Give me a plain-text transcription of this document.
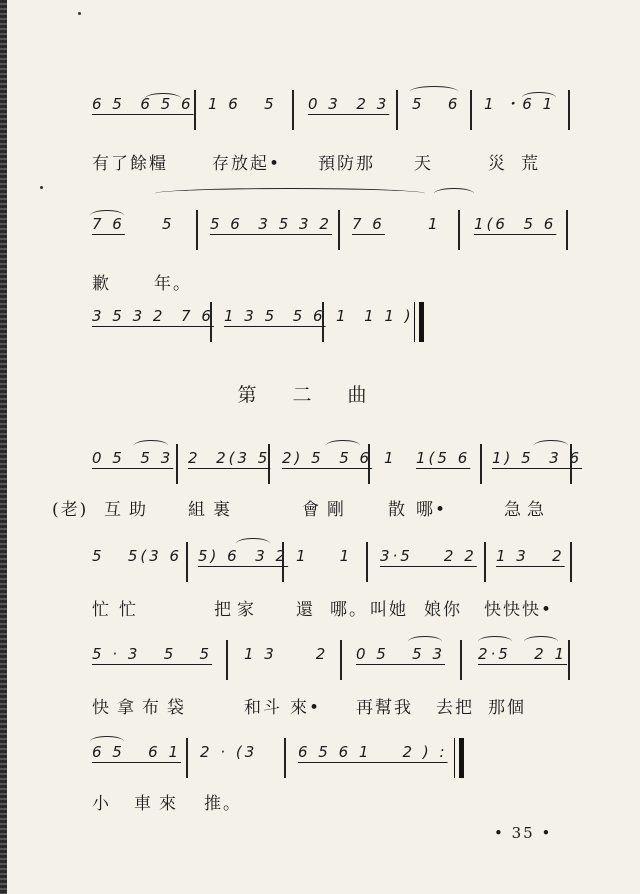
6 5  6 5 6 1 6   5 0 3  2 3 5   6 1 ・6 1
有了餘糧	存放起• 預防那 天	災荒
7 6 5 5 6  3 5 3 2 7 6	1 1(6  5 6
歉	年。
3 5 3 2  7 6 1 3 5  5 6 1  1 1 )
第二曲
0 5  5 3 2  2(3 5 2) 5  5 6 1 1(5 6 1) 5  3 6
(老) 互助 組裏	會剛 散 哪•	急急
5   5(3 6 5) 6  3 2 1    1 3·5    2 2 1 3   2
忙忙	把家 還 哪。 叫她 娘你 快快快•
5 · 3   5   5 1 3     2 0 5   5 3 2·5   2 1
快拿布袋	和斗 來• 再幫我 去把 那個
6 5   6 1 2 · (3	6 5 6 1    2 ) :
小 車來 推。
• 35 •
